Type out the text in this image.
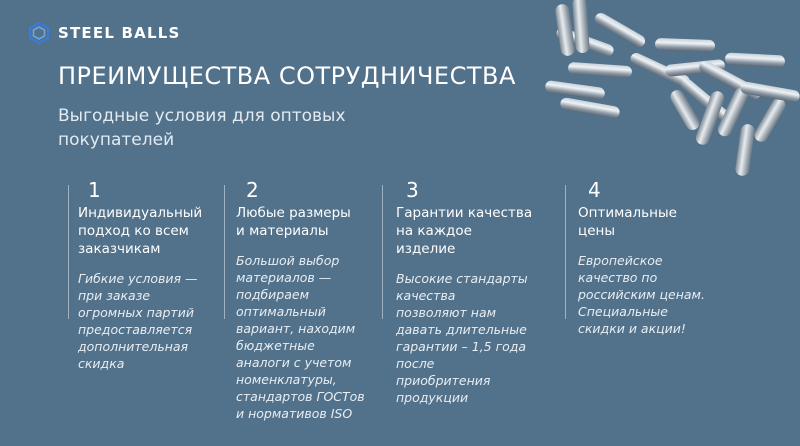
STEEL BALLS
ПРЕИМУЩЕСТВА СОТРУДНИЧЕСТВА
Выгодные условия для оптовых покупателей
1
Индивидуальный
подход ко всем
заказчикам
Гибкие условия —
при заказе
огромных партий
предоставляется
дополнительная
скидка
2
Любые размеры
и материалы
Большой выбор
материалов —
подбираем
оптимальный
вариант, находим
бюджетные
аналоги с учетом
номенклатуры,
стандартов ГОСТов
и нормативов ISO
3
Гарантии качества
на каждое
изделие
Высокие стандарты
качества
позволяют нам
давать длительные
гарантии – 1,5 года
после
приобритения
продукции
4
Оптимальные
цены
Европейское
качество по
российским ценам.
Специальные
скидки и акции!
